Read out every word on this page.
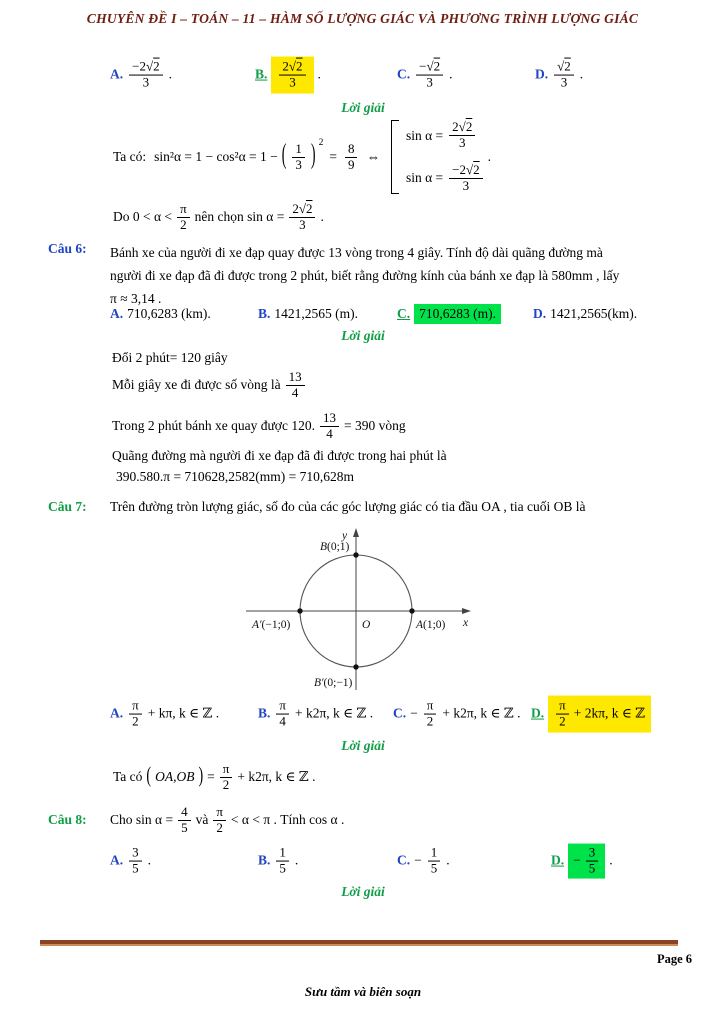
CHUYÊN ĐỀ I – TOÁN – 11 – HÀM SỐ LƯỢNG GIÁC VÀ PHƯƠNG TRÌNH LƯỢNG GIÁC
A. $\frac{-2√2}{3}$ .	B. $\frac{2√2}{3}$ .	C. $\frac{-√2}{3}$ .	D. $\frac{√2}{3}$ .
Lời giải
Ta có: sin²α = 1 − cos²α = 1 − ( $\frac{1}{3}$ ) 2
= $\frac{8}{9}$ ⇔
$\sin \alpha = \frac{2√2}{3}$
$\sin \alpha = \frac{-2√2}{3}$
.
Do $0 < \alpha < \frac{\pi}{2}$ nên chọn $\sin \alpha = \frac{2√2}{3}$ .
Câu 6: Bánh xe của người đi xe đạp quay được 13 vòng trong 4 giây. Tính độ dài quãng đường mà
người đi xe đạp đã đi được trong 2 phút, biết rằng đường kính của bánh xe đạp là 580mm , lấy
π ≈ 3,14 .
A. 710,6283 (km).	B. 1421,2565 (m).	C. 710,6283 (m).	D. 1421,2565(km).
Lời giải
Đổi 2 phút= 120 giây
Mỗi giây xe đi được số vòng là $\frac{13}{4}$
Trong 2 phút bánh xe quay được 120. $\frac{13}{4} = 390$ vòng
Quãng đường mà người đi xe đạp đã đi được trong hai phút là
390.580.π = 710628,2582(mm) = 710,628m
Câu 7: Trên đường tròn lượng giác, số đo của các góc lượng giác có tia đầu OA , tia cuối OB là
y
x
O
B(0;1)
A′(−1;0)	A(1;0)
B′(0;−1)
A. $\frac{\pi}{2} + k\pi$, k ∈ ℤ .	B. $\frac{\pi}{4} + k2\pi$, k ∈ ℤ . C. − $\frac{\pi}{2} + k2\pi$, k ∈ ℤ . D. $\frac{\pi}{2} + 2k\pi$, k ∈ ℤ
Lời giải
Ta có ( OA,OB ) = $\frac{\pi}{2} + k2\pi$, k ∈ ℤ .
Câu 8: Cho $\sin \alpha = \frac{4}{5}$ và $\frac{\pi}{2} < \alpha < \pi$ . Tính cos α .
A. $\frac{3}{5}$ .	B. $\frac{1}{5}$ .	C. − $\frac{1}{5}$ .	D. − $\frac{3}{5}$ .
Lời giải
Page 6
Sưu tầm và biên soạn
